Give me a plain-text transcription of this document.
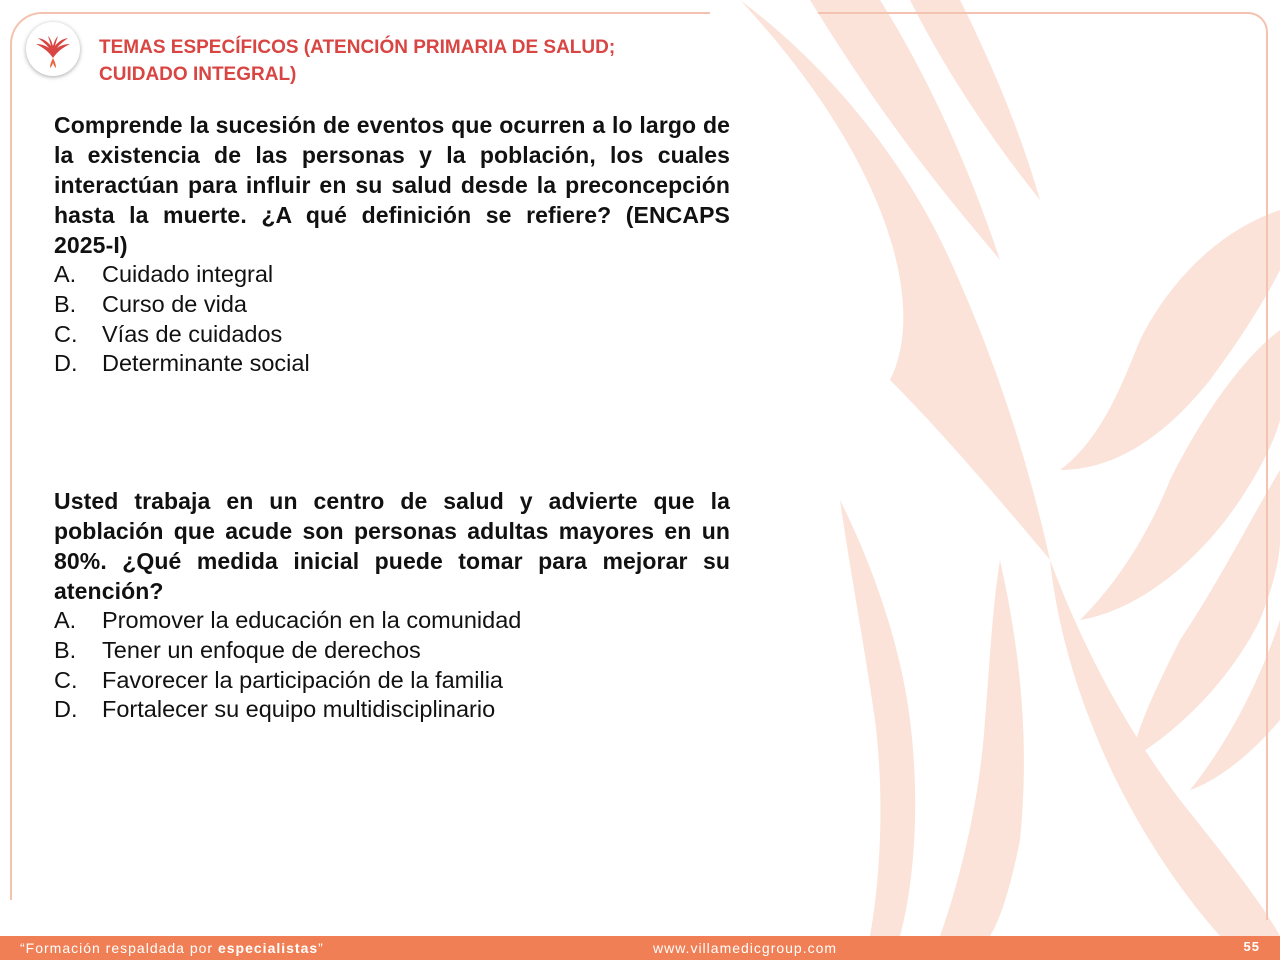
TEMAS ESPECÍFICOS (ATENCIÓN PRIMARIA DE SALUD;
CUIDADO INTEGRAL)

Comprende la sucesión de eventos que ocurren a lo largo de la existencia de las personas y la población, los cuales interactúan para influir en su salud desde la preconcepción hasta la muerte. ¿A qué definición se refiere? (ENCAPS 2025-I)

A.	Cuidado integral
B.	Curso de vida
C.	Vías de cuidados
D.	Determinante social

Usted trabaja en un centro de salud y advierte que la población que acude son personas adultas mayores en un 80%. ¿Qué medida inicial puede tomar para mejorar su atención?

A.	Promover la educación en la comunidad
B.	Tener un enfoque de derechos
C.	Favorecer la participación de la familia
D.	Fortalecer su equipo multidisciplinario
“Formación respaldada por especialistas”	www.villamedicgroup.com	55
